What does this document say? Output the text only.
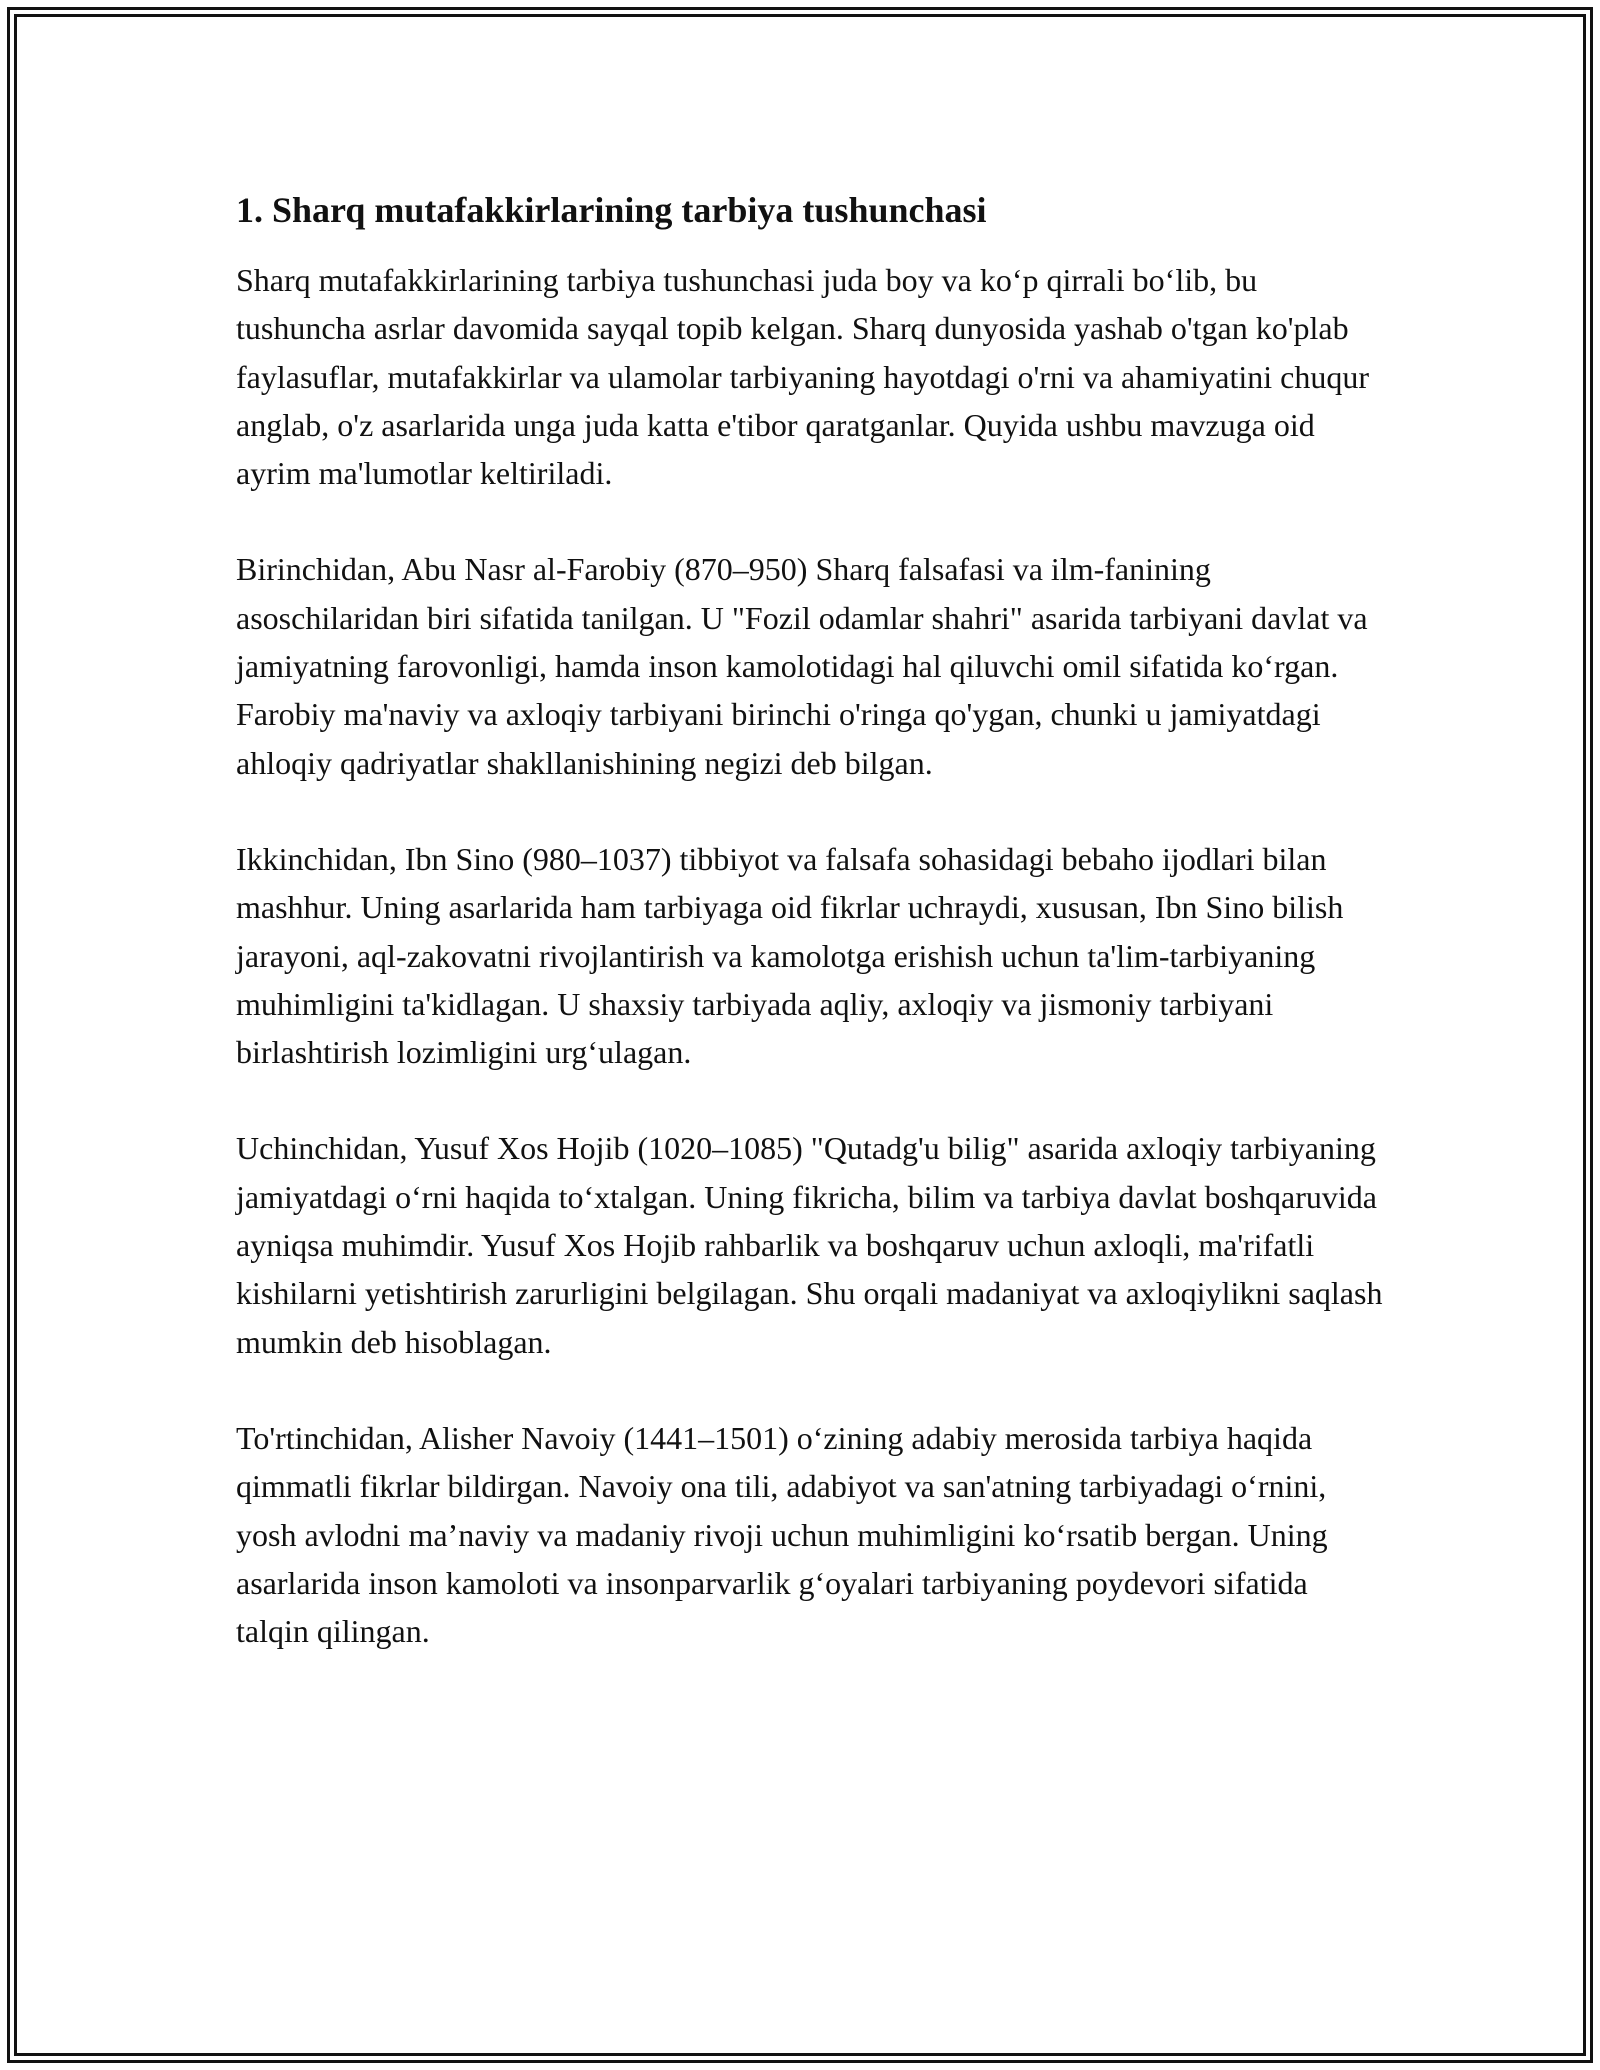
1. Sharq mutafakkirlarining tarbiya tushunchasi

Sharq mutafakkirlarining tarbiya tushunchasi juda boy va koʻp qirrali boʻlib, bu tushuncha asrlar davomida sayqal topib kelgan. Sharq dunyosida yashab o'tgan ko'plab faylasuflar, mutafakkirlar va ulamolar tarbiyaning hayotdagi o'rni va ahamiyatini chuqur anglab, o'z asarlarida unga juda katta e'tibor qaratganlar. Quyida ushbu mavzuga oid ayrim ma'lumotlar keltiriladi.

Birinchidan, Abu Nasr al-Farobiy (870–950) Sharq falsafasi va ilm-fanining asoschilaridan biri sifatida tanilgan. U "Fozil odamlar shahri" asarida tarbiyani davlat va jamiyatning farovonligi, hamda inson kamolotidagi hal qiluvchi omil sifatida koʻrgan. Farobiy ma'naviy va axloqiy tarbiyani birinchi o'ringa qo'ygan, chunki u jamiyatdagi ahloqiy qadriyatlar shakllanishining negizi deb bilgan.

Ikkinchidan, Ibn Sino (980–1037) tibbiyot va falsafa sohasidagi bebaho ijodlari bilan mashhur. Uning asarlarida ham tarbiyaga oid fikrlar uchraydi, xususan, Ibn Sino bilish jarayoni, aql-zakovatni rivojlantirish va kamolotga erishish uchun ta'lim-tarbiyaning muhimligini ta'kidlagan. U shaxsiy tarbiyada aqliy, axloqiy va jismoniy tarbiyani birlashtirish lozimligini urgʻulagan.

Uchinchidan, Yusuf Xos Hojib (1020–1085) "Qutadg'u bilig" asarida axloqiy tarbiyaning jamiyatdagi oʻrni haqida toʻxtalgan. Uning fikricha, bilim va tarbiya davlat boshqaruvida ayniqsa muhimdir. Yusuf Xos Hojib rahbarlik va boshqaruv uchun axloqli, ma'rifatli kishilarni yetishtirish zarurligini belgilagan. Shu orqali madaniyat va axloqiylikni saqlash mumkin deb hisoblagan.

To'rtinchidan, Alisher Navoiy (1441–1501) oʻzining adabiy merosida tarbiya haqida qimmatli fikrlar bildirgan. Navoiy ona tili, adabiyot va san'atning tarbiyadagi oʻrnini, yosh avlodni ma’naviy va madaniy rivoji uchun muhimligini koʻrsatib bergan. Uning asarlarida inson kamoloti va insonparvarlik gʻoyalari tarbiyaning poydevori sifatida talqin qilingan.
